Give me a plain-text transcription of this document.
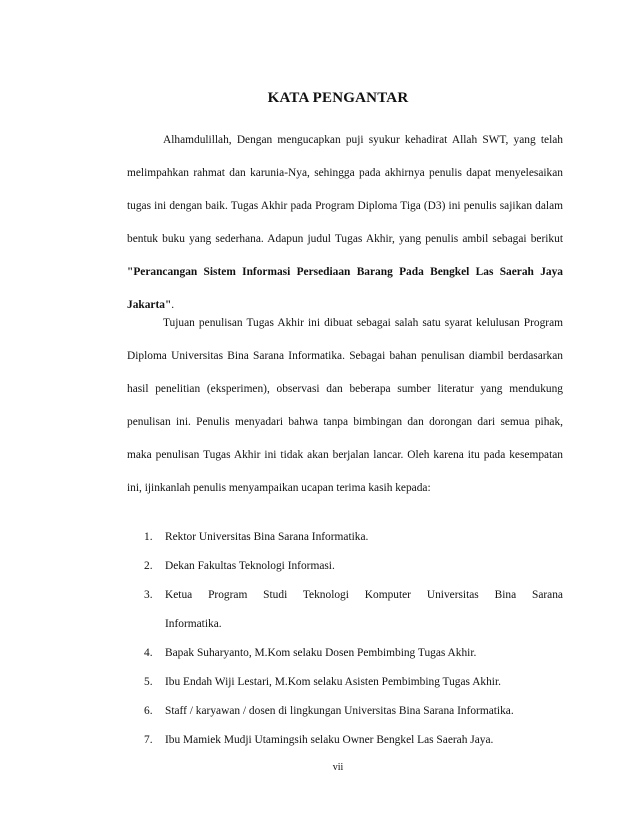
KATA PENGANTAR

Alhamdulillah, Dengan mengucapkan puji syukur kehadirat Allah SWT, yang telah melimpahkan rahmat dan karunia-Nya, sehingga pada akhirnya penulis dapat menyelesaikan tugas ini dengan baik. Tugas Akhir pada Program Diploma Tiga (D3) ini penulis sajikan dalam bentuk buku yang sederhana. Adapun judul Tugas Akhir, yang penulis ambil sebagai berikut "Perancangan Sistem Informasi Persediaan Barang Pada Bengkel Las Saerah Jaya Jakarta".

Tujuan penulisan Tugas Akhir ini dibuat sebagai salah satu syarat kelulusan Program Diploma Universitas Bina Sarana Informatika. Sebagai bahan penulisan diambil berdasarkan hasil penelitian (eksperimen), observasi dan beberapa sumber literatur yang mendukung penulisan ini. Penulis menyadari bahwa tanpa bimbingan dan dorongan dari semua pihak, maka penulisan Tugas Akhir ini tidak akan berjalan lancar. Oleh karena itu pada kesempatan ini, ijinkanlah penulis menyampaikan ucapan terima kasih kepada:

1. Rektor Universitas Bina Sarana Informatika.
2. Dekan Fakultas Teknologi Informasi.
3. Ketua Program Studi Teknologi Komputer Universitas Bina Sarana
Informatika.
4. Bapak Suharyanto, M.Kom selaku Dosen Pembimbing Tugas Akhir.
5. Ibu Endah Wiji Lestari, M.Kom selaku Asisten Pembimbing Tugas Akhir.
6. Staff / karyawan / dosen di lingkungan Universitas Bina Sarana Informatika.
7. Ibu Mamiek Mudji Utamingsih selaku Owner Bengkel Las Saerah Jaya.
vii
